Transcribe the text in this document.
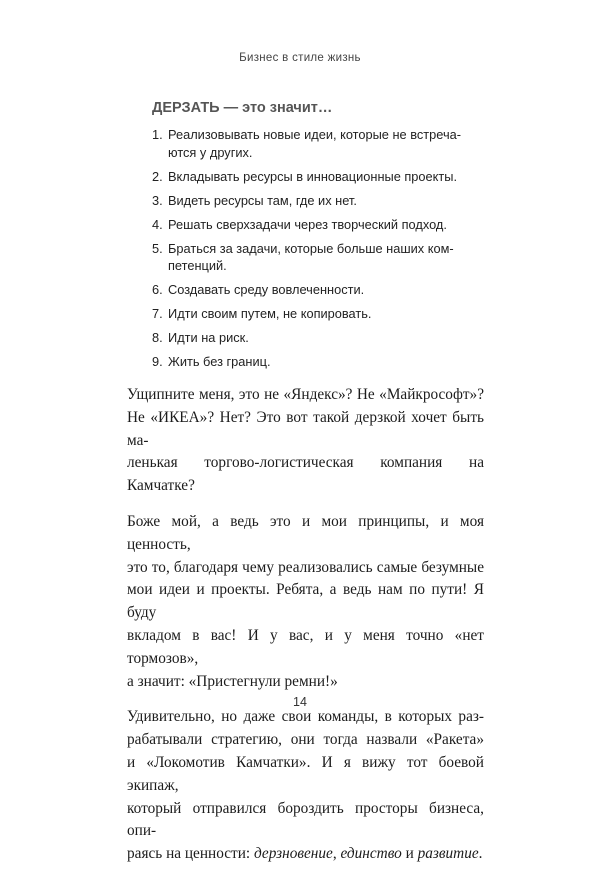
Бизнес в стиле жизнь
ДЕРЗАТЬ — это значит…
1. Реализовывать новые идеи, которые не встреча-
ются у других.
2. Вкладывать ресурсы в инновационные проекты.
3. Видеть ресурсы там, где их нет.
4. Решать сверхзадачи через творческий подход.
5. Браться за задачи, которые больше наших ком-
петенций.
6. Создавать среду вовлеченности.
7. Идти своим путем, не копировать.
8. Идти на риск.
9. Жить без границ.

Ущипните меня, это не «Яндекс»? Не «Майкрософт»?
Не «ИКЕА»? Нет? Это вот такой дерзкой хочет быть ма-
ленькая торгово-логистическая компания на Камчатке?

Боже мой, а ведь это и мои принципы, и моя ценность,
это то, благодаря чему реализовались самые безумные
мои идеи и проекты. Ребята, а ведь нам по пути! Я буду
вкладом в вас! И у вас, и у меня точно «нет тормозов»,
а значит: «Пристегнули ремни!»

Удивительно, но даже свои команды, в которых раз-
рабатывали стратегию, они тогда назвали «Ракета»
и «Локомотив Камчатки». И я вижу тот боевой экипаж,
который отправился бороздить просторы бизнеса, опи-
раясь на ценности: дерзновение, единство и развитие.

14
